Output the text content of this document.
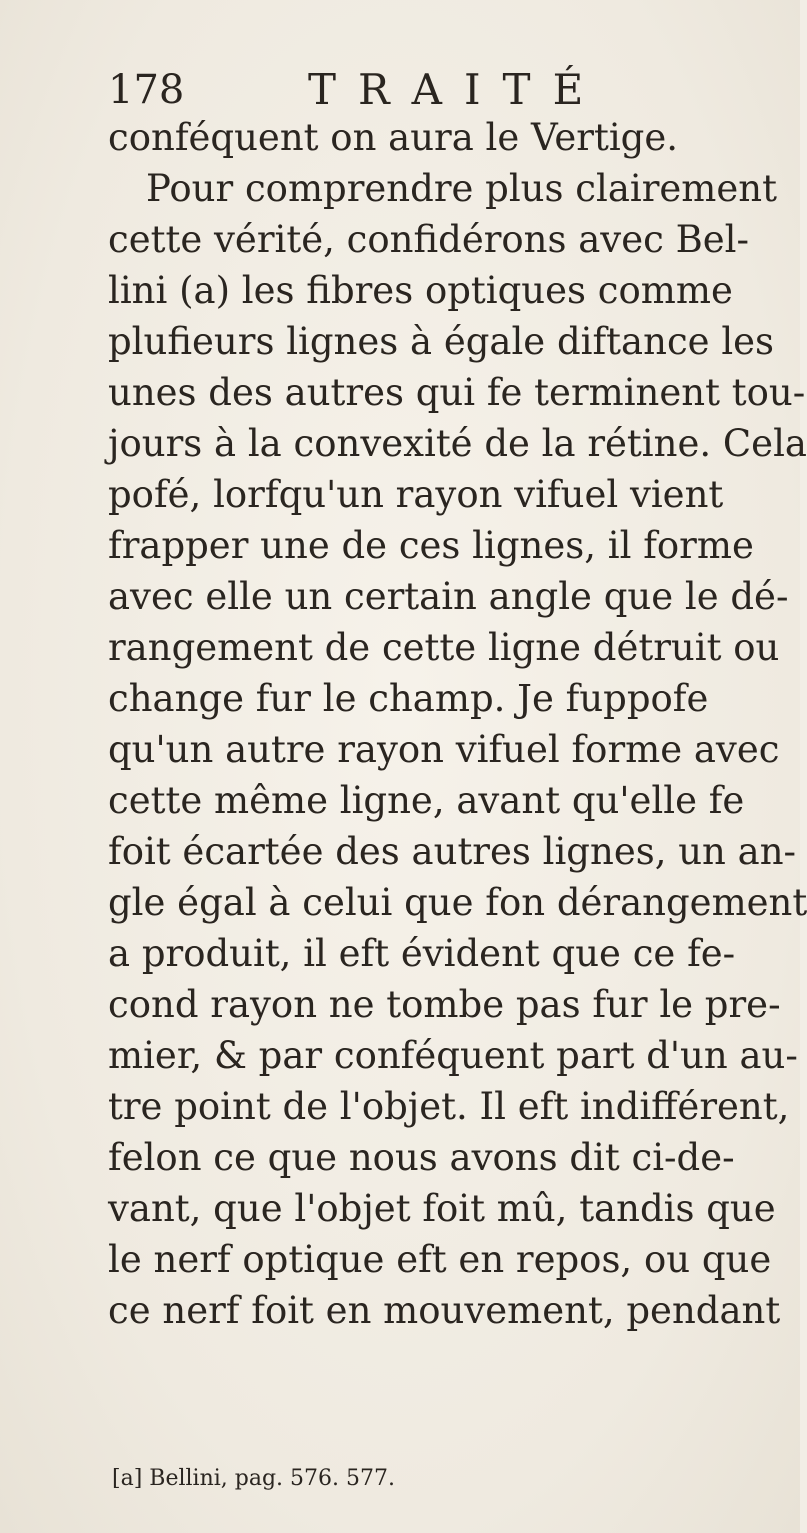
178	TRAITÉ
conféquent on aura le Vertige.
Pour comprendre plus clairement
cette vérité, confidérons avec Bel-
lini (a) les fibres optiques comme
plufieurs lignes à égale diftance les
unes des autres qui fe terminent tou-
jours à la convexité de la rétine. Cela
pofé, lorfqu'un rayon vifuel vient
frapper une de ces lignes, il forme
avec elle un certain angle que le dé-
rangement de cette ligne détruit ou
change fur le champ. Je fuppofe
qu'un autre rayon vifuel forme avec
cette même ligne, avant qu'elle fe
foit écartée des autres lignes, un an-
gle égal à celui que fon dérangement
a produit, il eft évident que ce fe-
cond rayon ne tombe pas fur le pre-
mier, & par conféquent part d'un au-
tre point de l'objet. Il eft indifférent,
felon ce que nous avons dit ci-de-
vant, que l'objet foit mû, tandis que
le nerf optique eft en repos, ou que
ce nerf foit en mouvement, pendant
[a] Bellini, pag. 576. 577.
